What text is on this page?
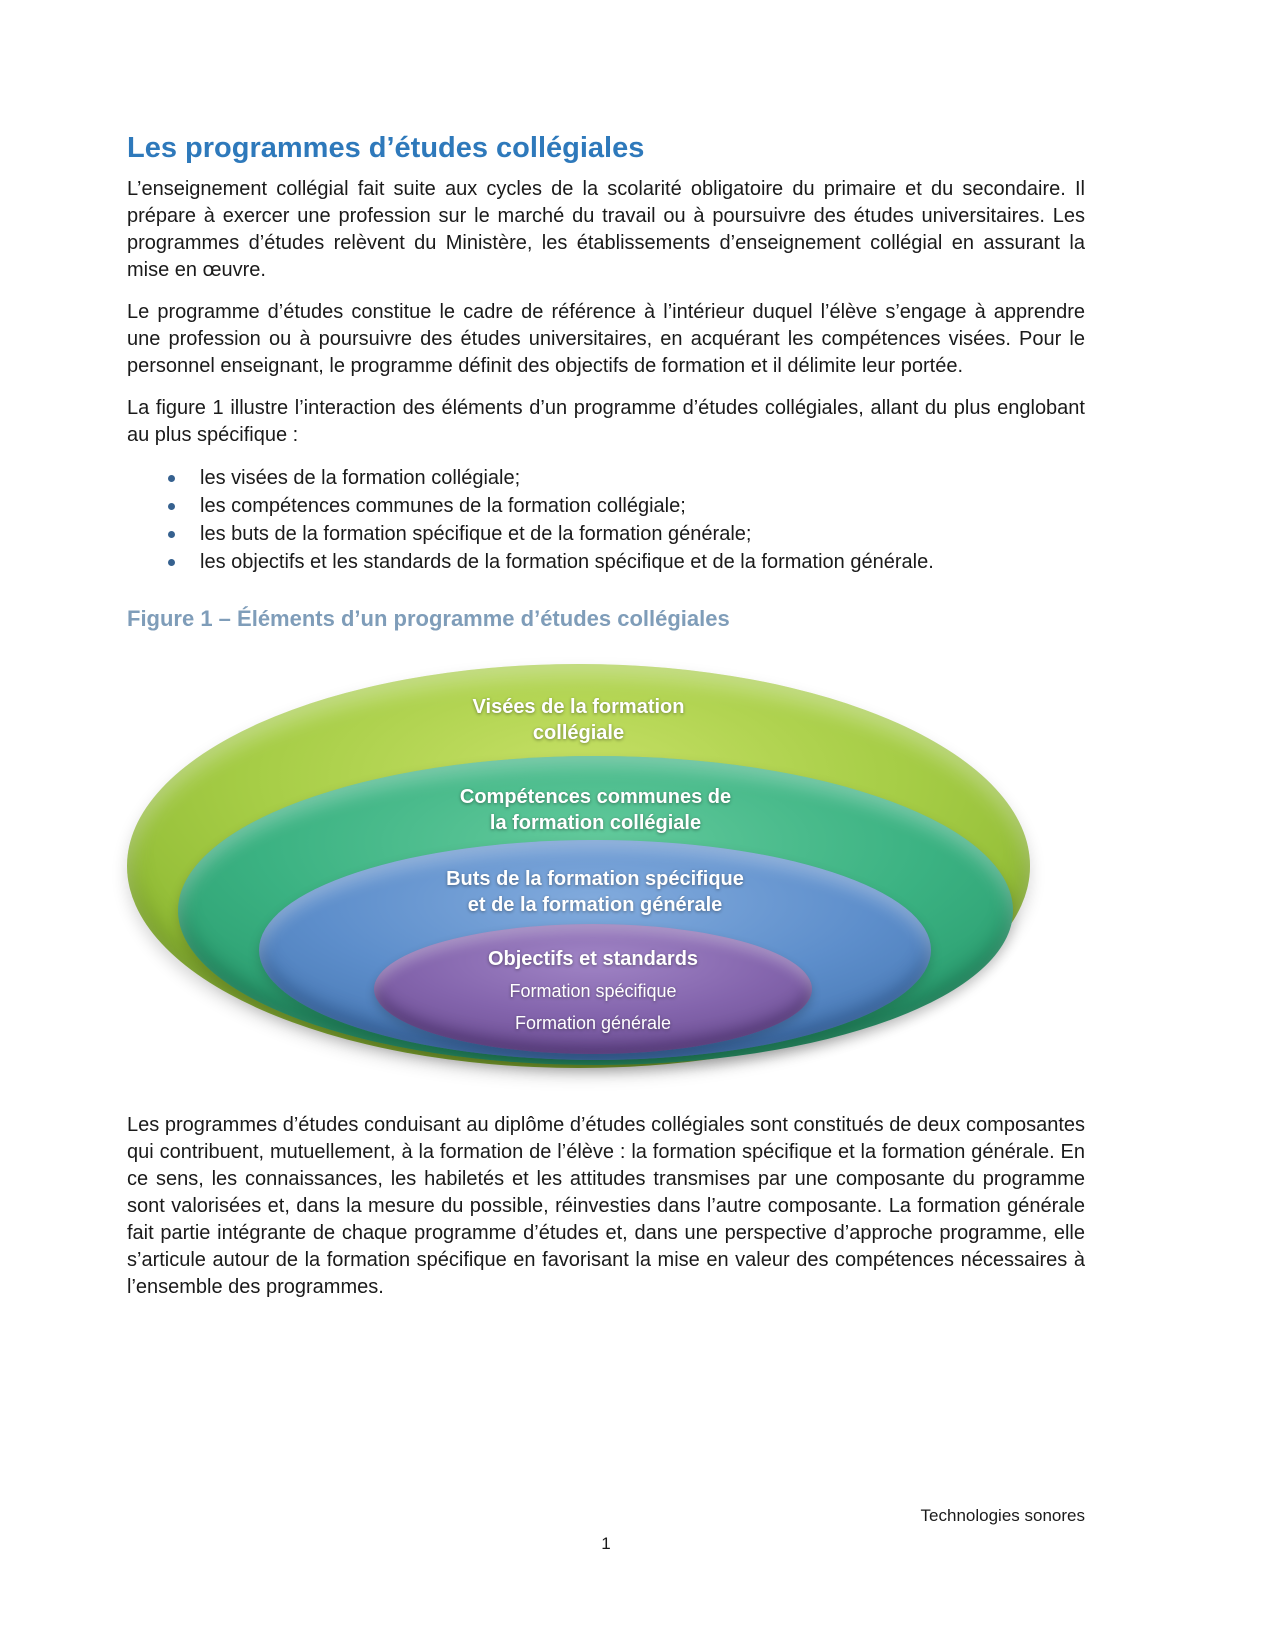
Les programmes d’études collégiales

L’enseignement collégial fait suite aux cycles de la scolarité obligatoire du primaire et du secondaire. Il prépare à exercer une profession sur le marché du travail ou à poursuivre des études universitaires. Les programmes d’études relèvent du Ministère, les établissements d’enseignement collégial en assurant la mise en œuvre.

Le programme d’études constitue le cadre de référence à l’intérieur duquel l’élève s’engage à apprendre une profession ou à poursuivre des études universitaires, en acquérant les compétences visées. Pour le personnel enseignant, le programme définit des objectifs de formation et il délimite leur portée.

La figure 1 illustre l’interaction des éléments d’un programme d’études collégiales, allant du plus englobant au plus spécifique :

les visées de la formation collégiale;
les compétences communes de la formation collégiale;
les buts de la formation spécifique et de la formation générale;
les objectifs et les standards de la formation spécifique et de la formation générale.
Figure 1 – Éléments d’un programme d’études collégiales
Visées de la formation
collégiale
Compétences communes de
la formation collégiale
Buts de la formation spécifique
et de la formation générale
Objectifs et standards
Formation spécifique
Formation générale

Les programmes d’études conduisant au diplôme d’études collégiales sont constitués de deux composantes qui contribuent, mutuellement, à la formation de l’élève : la formation spécifique et la formation générale. En ce sens, les connaissances, les habiletés et les attitudes transmises par une composante du programme sont valorisées et, dans la mesure du possible, réinvesties dans l’autre composante. La formation générale fait partie intégrante de chaque programme d’études et, dans une perspective d’approche programme, elle s’articule autour de la formation spécifique en favorisant la mise en valeur des compétences nécessaires à l’ensemble des programmes.

Technologies sonores
1
